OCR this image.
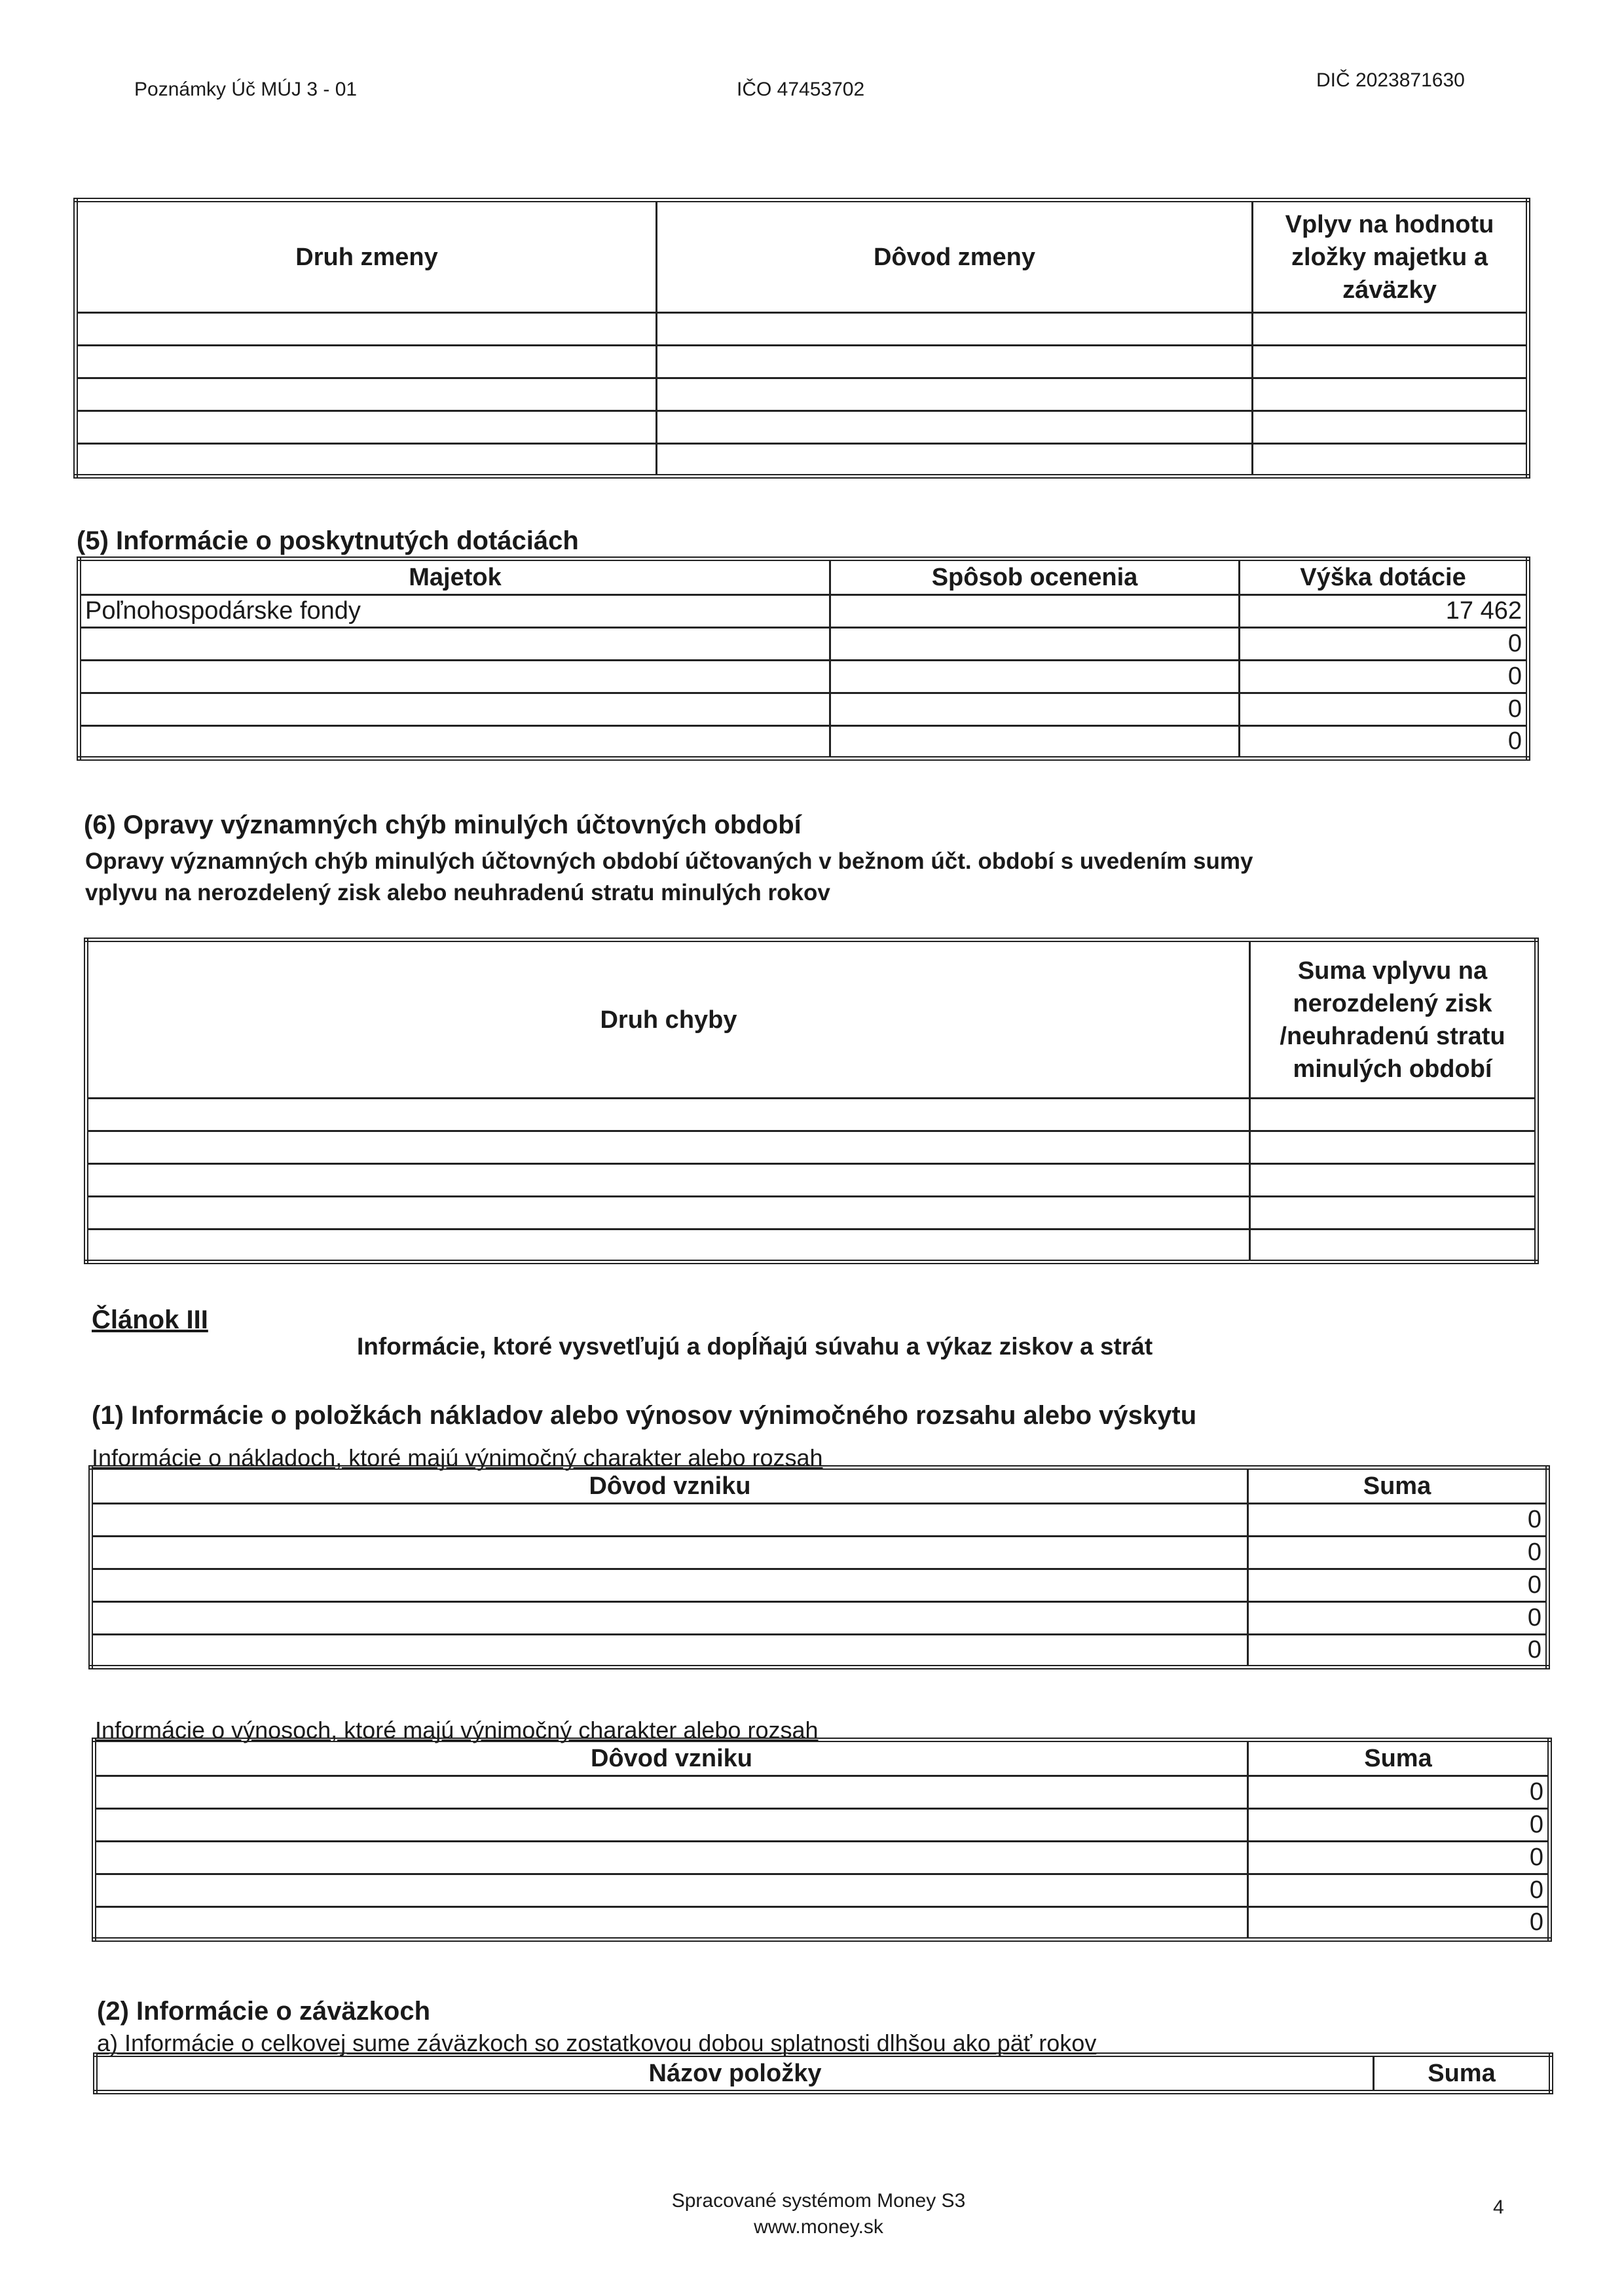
Poznámky Úč MÚJ 3 - 01	IČO 47453702	DIČ 2023871630
Druh zmeny	Dôvod zmeny	Vplyv na hodnotu zložky majetku a záväzky

(5) Informácie o poskytnutých dotáciách
Majetok	Spôsob ocenenia	Výška dotácie
Poľnohospodárske fondy		17 462
		0
		0
		0
		0
(6) Opravy významných chýb minulých účtovných období
Opravy významných chýb minulých účtovných období účtovaných v bežnom účt. období s uvedením sumy
vplyvu na nerozdelený zisk alebo neuhradenú stratu minulých rokov
Druh chyby	Suma vplyvu na nerozdelený zisk /neuhradenú stratu minulých období

Článok III
Informácie, ktoré vysvetľujú a dopĺňajú súvahu a výkaz ziskov a strát
(1) Informácie o položkách nákladov alebo výnosov výnimočného rozsahu alebo výskytu
Informácie o nákladoch, ktoré majú výnimočný charakter alebo rozsah
Dôvod vzniku	Suma
	0
	0
	0
	0
	0
Informácie o výnosoch, ktoré majú výnimočný charakter alebo rozsah
Dôvod vzniku	Suma
	0
	0
	0
	0
	0
(2) Informácie o záväzkoch
a) Informácie o celkovej sume záväzkoch so zostatkovou dobou splatnosti dlhšou ako päť rokov
Názov položky	Suma
Spracované systémom Money S3
www.money.sk
4
